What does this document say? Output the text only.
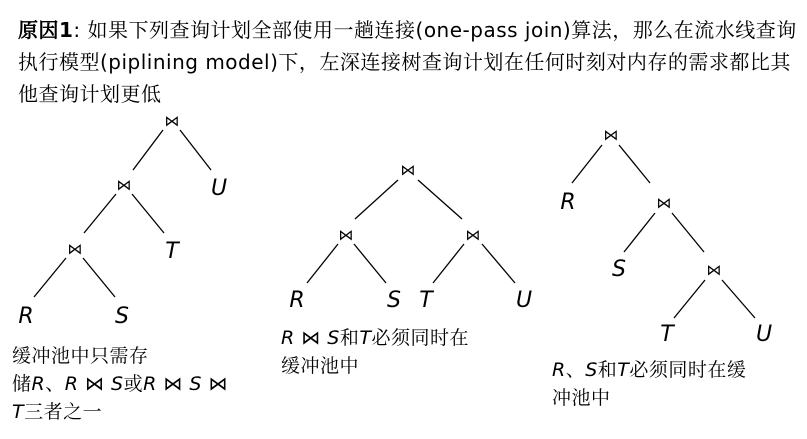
原因1: 如果下列查询计划全部使用一趟连接(one-pass join)算法，那么在流水线查询执行模型(piplining model)下，左深连接树查询计划在任何时刻对内存的需求都比其他查询计划更低
⋈
⋈
⋈
U
T
R	S
⋈
⋈	⋈
R	S T	U
⋈
⋈
⋈
R
S
T	U
缓冲池中只需存
储R、R ⋈ S或R ⋈ S ⋈
T三者之一
R ⋈ S和T必须同时在
缓冲池中	R、S和T必须同时在缓
冲池中
